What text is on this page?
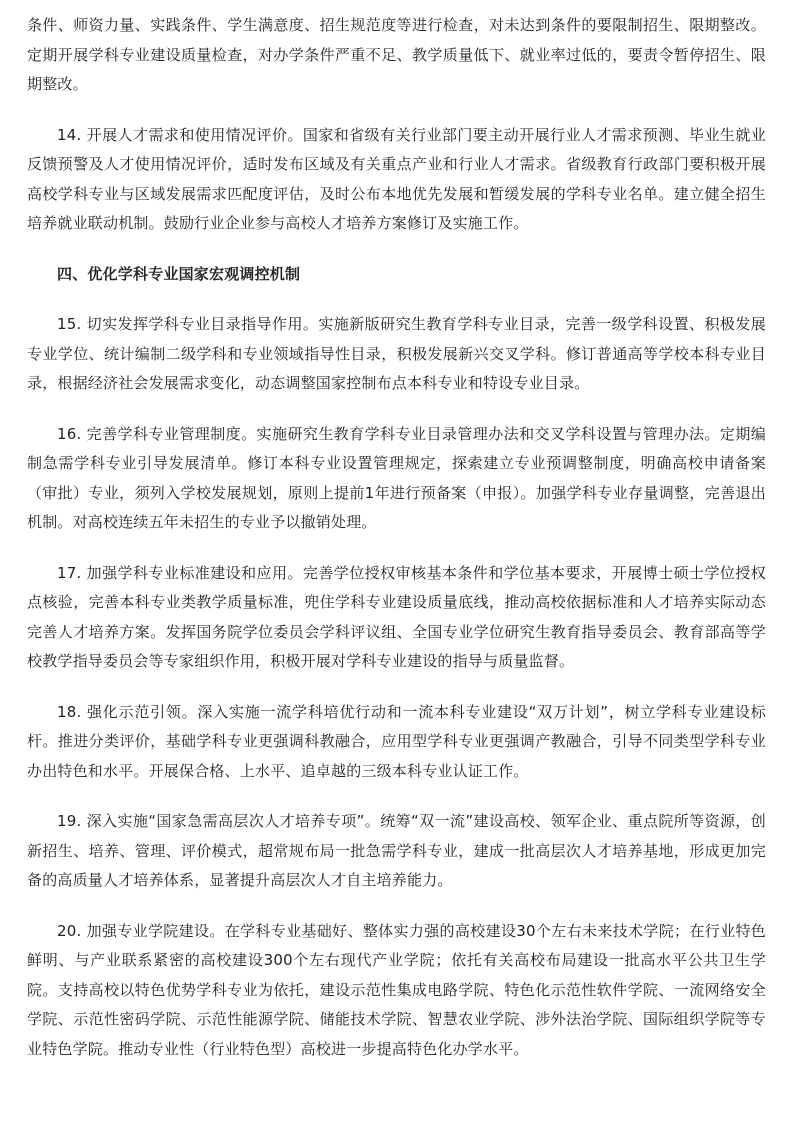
条件、师资力量、实践条件、学生满意度、招生规范度等进行检查，对未达到条件的要限制招生、限期整改。定期开展学科专业建设质量检查，对办学条件严重不足、教学质量低下、就业率过低的，要责令暂停招生、限期整改。

14. 开展人才需求和使用情况评价。国家和省级有关行业部门要主动开展行业人才需求预测、毕业生就业反馈预警及人才使用情况评价，适时发布区域及有关重点产业和行业人才需求。省级教育行政部门要积极开展高校学科专业与区域发展需求匹配度评估，及时公布本地优先发展和暂缓发展的学科专业名单。建立健全招生培养就业联动机制。鼓励行业企业参与高校人才培养方案修订及实施工作。

四、优化学科专业国家宏观调控机制

15. 切实发挥学科专业目录指导作用。实施新版研究生教育学科专业目录，完善一级学科设置、积极发展专业学位、统计编制二级学科和专业领域指导性目录，积极发展新兴交叉学科。修订普通高等学校本科专业目录，根据经济社会发展需求变化，动态调整国家控制布点本科专业和特设专业目录。

16. 完善学科专业管理制度。实施研究生教育学科专业目录管理办法和交叉学科设置与管理办法。定期编制急需学科专业引导发展清单。修订本科专业设置管理规定，探索建立专业预调整制度，明确高校申请备案（审批）专业，须列入学校发展规划，原则上提前1年进行预备案（申报）。加强学科专业存量调整，完善退出机制。对高校连续五年未招生的专业予以撤销处理。

17. 加强学科专业标准建设和应用。完善学位授权审核基本条件和学位基本要求，开展博士硕士学位授权点核验，完善本科专业类教学质量标准，兜住学科专业建设质量底线，推动高校依据标准和人才培养实际动态完善人才培养方案。发挥国务院学位委员会学科评议组、全国专业学位研究生教育指导委员会、教育部高等学校教学指导委员会等专家组织作用，积极开展对学科专业建设的指导与质量监督。

18. 强化示范引领。深入实施一流学科培优行动和一流本科专业建设“双万计划”，树立学科专业建设标杆。推进分类评价，基础学科专业更强调科教融合，应用型学科专业更强调产教融合，引导不同类型学科专业办出特色和水平。开展保合格、上水平、追卓越的三级本科专业认证工作。

19. 深入实施“国家急需高层次人才培养专项”。统筹“双一流”建设高校、领军企业、重点院所等资源，创新招生、培养、管理、评价模式，超常规布局一批急需学科专业，建成一批高层次人才培养基地，形成更加完备的高质量人才培养体系，显著提升高层次人才自主培养能力。

20. 加强专业学院建设。在学科专业基础好、整体实力强的高校建设30个左右未来技术学院；在行业特色鲜明、与产业联系紧密的高校建设300个左右现代产业学院；依托有关高校布局建设一批高水平公共卫生学院。支持高校以特色优势学科专业为依托，建设示范性集成电路学院、特色化示范性软件学院、一流网络安全学院、示范性密码学院、示范性能源学院、储能技术学院、智慧农业学院、涉外法治学院、国际组织学院等专业特色学院。推动专业性（行业特色型）高校进一步提高特色化办学水平。
